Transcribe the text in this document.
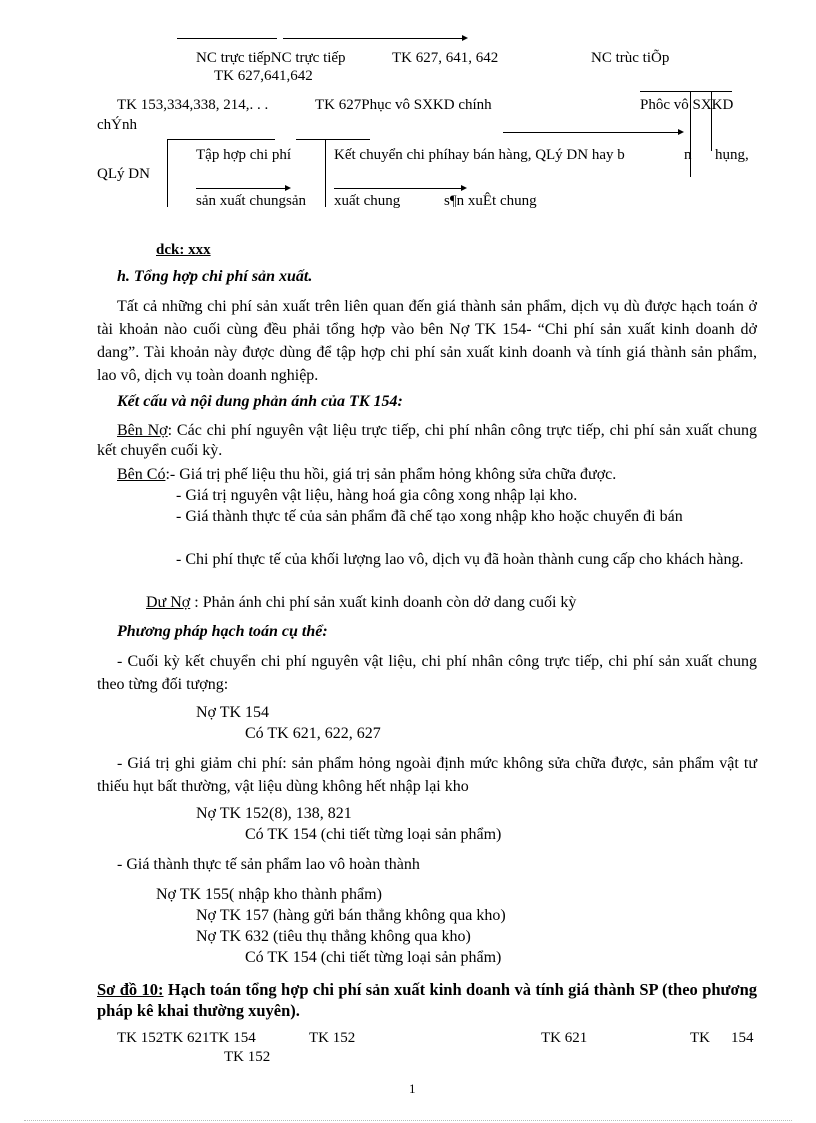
NC trực tiếpNC trực tiếp	TK 627, 641, 642	NC trùc tiÕp
TK 627,641,642
TK 153,334,338, 214,. . .	TK 627Phục vô SXKD chính	Phôc vô SXKD
chÝnh
Tập hợp chi phí	Kết chuyển chi phíhay bán hàng, QLý DN hay b	n hụng,
QLý DN
sản xuất chungsản xuất chung	s¶n xuÊt chung
dck: xxx
h. Tổng hợp chi phí sản xuất.
Tất cả những chi phí sản xuất trên liên quan đến giá thành sản phẩm, dịch vụ dù được hạch toán ở tài khoản nào cuối cùng đều phải tổng hợp vào bên Nợ TK 154- “Chi phí sản xuất kinh doanh dở dang”. Tài khoản này được dùng để tập hợp chi phí sản xuất kinh doanh và tính giá thành sản phẩm, lao vô, dịch vụ toàn doanh nghiệp.
Kết cấu và nội dung phản ánh của TK 154:
Bên Nợ: Các chi phí nguyên vật liệu trực tiếp, chi phí nhân công trực tiếp, chi phí sản xuất chung kết chuyển cuối kỳ.
Bên Có:- Giá trị phế liệu thu hồi, giá trị sản phẩm hỏng không sửa chữa được.
- Giá trị nguyên vật liệu, hàng hoá gia công xong nhập lại kho.
- Giá thành thực tế của sản phẩm đã chế tạo xong nhập kho hoặc chuyển đi bán
- Chi phí thực tế của khối lượng lao vô, dịch vụ đã hoàn thành cung cấp cho khách hàng.
Dư Nợ : Phản ánh chi phí sản xuất kinh doanh còn dở dang cuối kỳ
Phương pháp hạch toán cụ thể:
- Cuối kỳ kết chuyển chi phí nguyên vật liệu, chi phí nhân công trực tiếp, chi phí sản xuất chung theo từng đối tượng:
Nợ TK 154
Có TK 621, 622, 627
- Giá trị ghi giảm chi phí: sản phẩm hỏng ngoài định mức không sửa chữa được, sản phẩm vật tư thiếu hụt bất thường, vật liệu dùng không hết nhập lại kho
Nợ TK 152(8), 138, 821
Có TK 154 (chi tiết từng loại sản phẩm)
- Giá thành thực tế sản phẩm lao vô hoàn thành
Nợ TK 155( nhập kho thành phẩm)
Nợ TK 157 (hàng gửi bán thẳng không qua kho)
Nợ TK 632 (tiêu thụ thẳng không qua kho)
Có TK 154 (chi tiết từng loại sản phẩm)
Sơ đồ 10: Hạch toán tổng hợp chi phí sản xuất kinh doanh và tính giá thành SP (theo phương pháp kê khai thường xuyên).
TK 152TK 621TK 154	TK 152	TK 621	TK 154
TK 152
1
